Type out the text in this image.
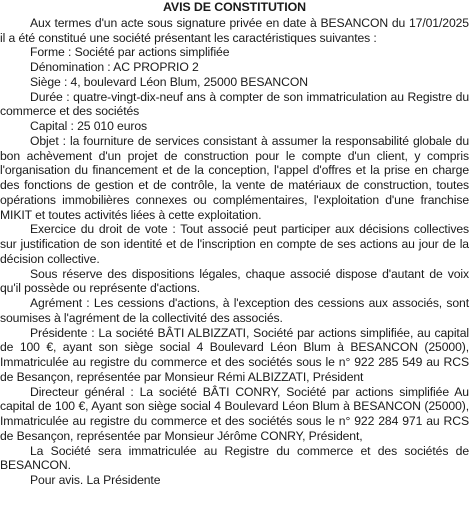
AVIS DE CONSTITUTION

Aux termes d'un acte sous signature privée en date à BESANCON du 17/01/2025 il a été constitué une société présentant les caractéristiques suivantes :

Forme : Société par actions simplifiée

Dénomination : AC PROPRIO 2

Siège : 4, boulevard Léon Blum, 25000 BESANCON

Durée : quatre-vingt-dix-neuf ans à compter de son immatriculation au Registre du commerce et des sociétés

Capital : 25 010 euros

Objet : la fourniture de services consistant à assumer la responsabilité globale du bon achèvement d'un projet de construction pour le compte d'un client, y compris l'organisation du financement et de la conception, l'appel d'offres et la prise en charge des fonctions de gestion et de contrôle, la vente de matériaux de construction, toutes opérations immobilières connexes ou complémentaires, l'exploitation d'une franchise MIKIT et toutes activités liées à cette exploitation.

Exercice du droit de vote : Tout associé peut participer aux décisions collectives sur justification de son identité et de l'inscription en compte de ses actions au jour de la décision collective.

Sous réserve des dispositions légales, chaque associé dispose d'autant de voix qu'il possède ou représente d'actions.

Agrément : Les cessions d'actions, à l'exception des cessions aux associés, sont soumises à l'agrément de la collectivité des associés.

Présidente : La société BÂTI ALBIZZATI, Société par actions simplifiée, au capital de 100 €, ayant son siège social 4 Boulevard Léon Blum à BESANCON (25000), Immatriculée au registre du commerce et des sociétés sous le n° 922 285 549 au RCS de Besançon, représentée par Monsieur Rémi ALBIZZATI, Président

Directeur général : La société BÂTI CONRY, Société par actions simplifiée Au capital de 100 €, Ayant son siège social 4 Boulevard Léon Blum à BESANCON (25000), Immatriculée au registre du commerce et des sociétés sous le n° 922 284 971 au RCS de Besançon, représentée par Monsieur Jérôme CONRY, Président,

La Société sera immatriculée au Registre du commerce et des sociétés de BESANCON.

Pour avis. La Présidente
